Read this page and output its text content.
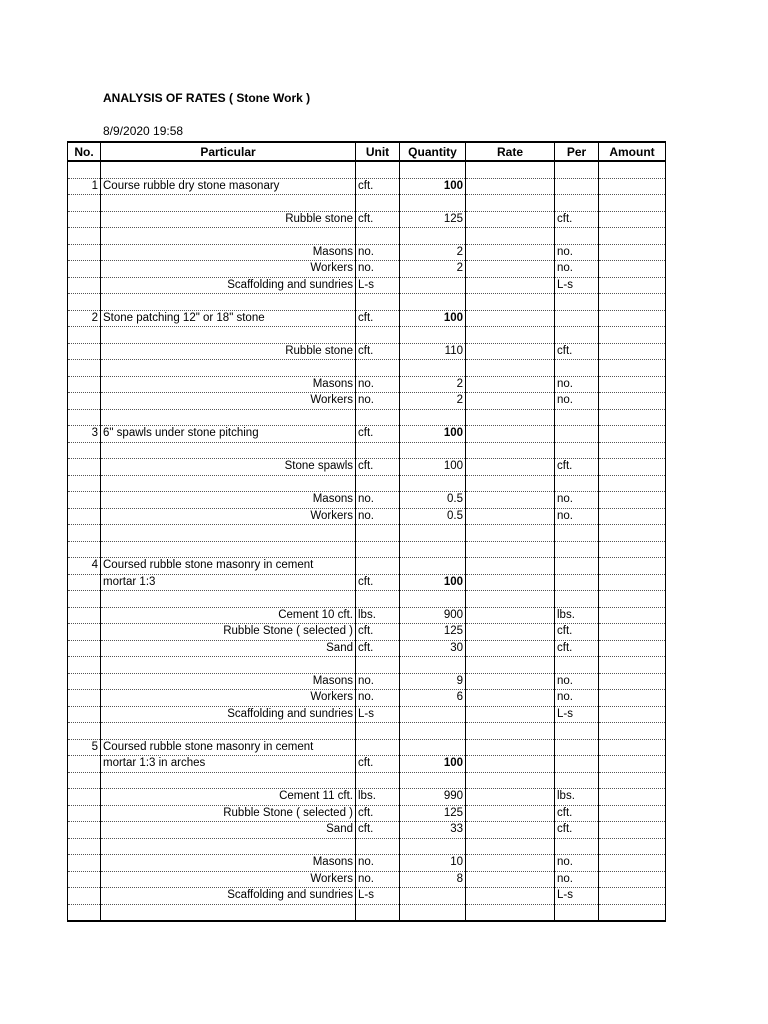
ANALYSIS OF RATES ( Stone Work )
8/9/2020 19:58
No.	Particular	Unit	Quantity	Rate	Per	Amount

1	Course rubble dry stone masonary	cft.	100			

	Rubble stone	cft.	125		cft.	

	Masons	no.	2		no.	
	Workers	no.	2		no.	
	Scaffolding and sundries	L-s			L-s	

2	Stone patching 12" or 18" stone	cft.	100			

	Rubble stone	cft.	110		cft.	

	Masons	no.	2		no.	
	Workers	no.	2		no.	

3	6" spawls under stone pitching	cft.	100			

	Stone spawls	cft.	100		cft.	

	Masons	no.	0.5		no.	
	Workers	no.	0.5		no.	

4	Coursed rubble stone masonry in cement					
	mortar 1:3	cft.	100			

	Cement 10 cft.	lbs.	900		lbs.	
	Rubble Stone ( selected )	cft.	125		cft.	
	Sand	cft.	30		cft.	

	Masons	no.	9		no.	
	Workers	no.	6		no.	
	Scaffolding and sundries	L-s			L-s	

5	Coursed rubble stone masonry in cement					
	mortar 1:3 in arches	cft.	100			

	Cement 11 cft.	lbs.	990		lbs.	
	Rubble Stone ( selected )	cft.	125		cft.	
	Sand	cft.	33		cft.	

	Masons	no.	10		no.	
	Workers	no.	8		no.	
	Scaffolding and sundries	L-s			L-s	
